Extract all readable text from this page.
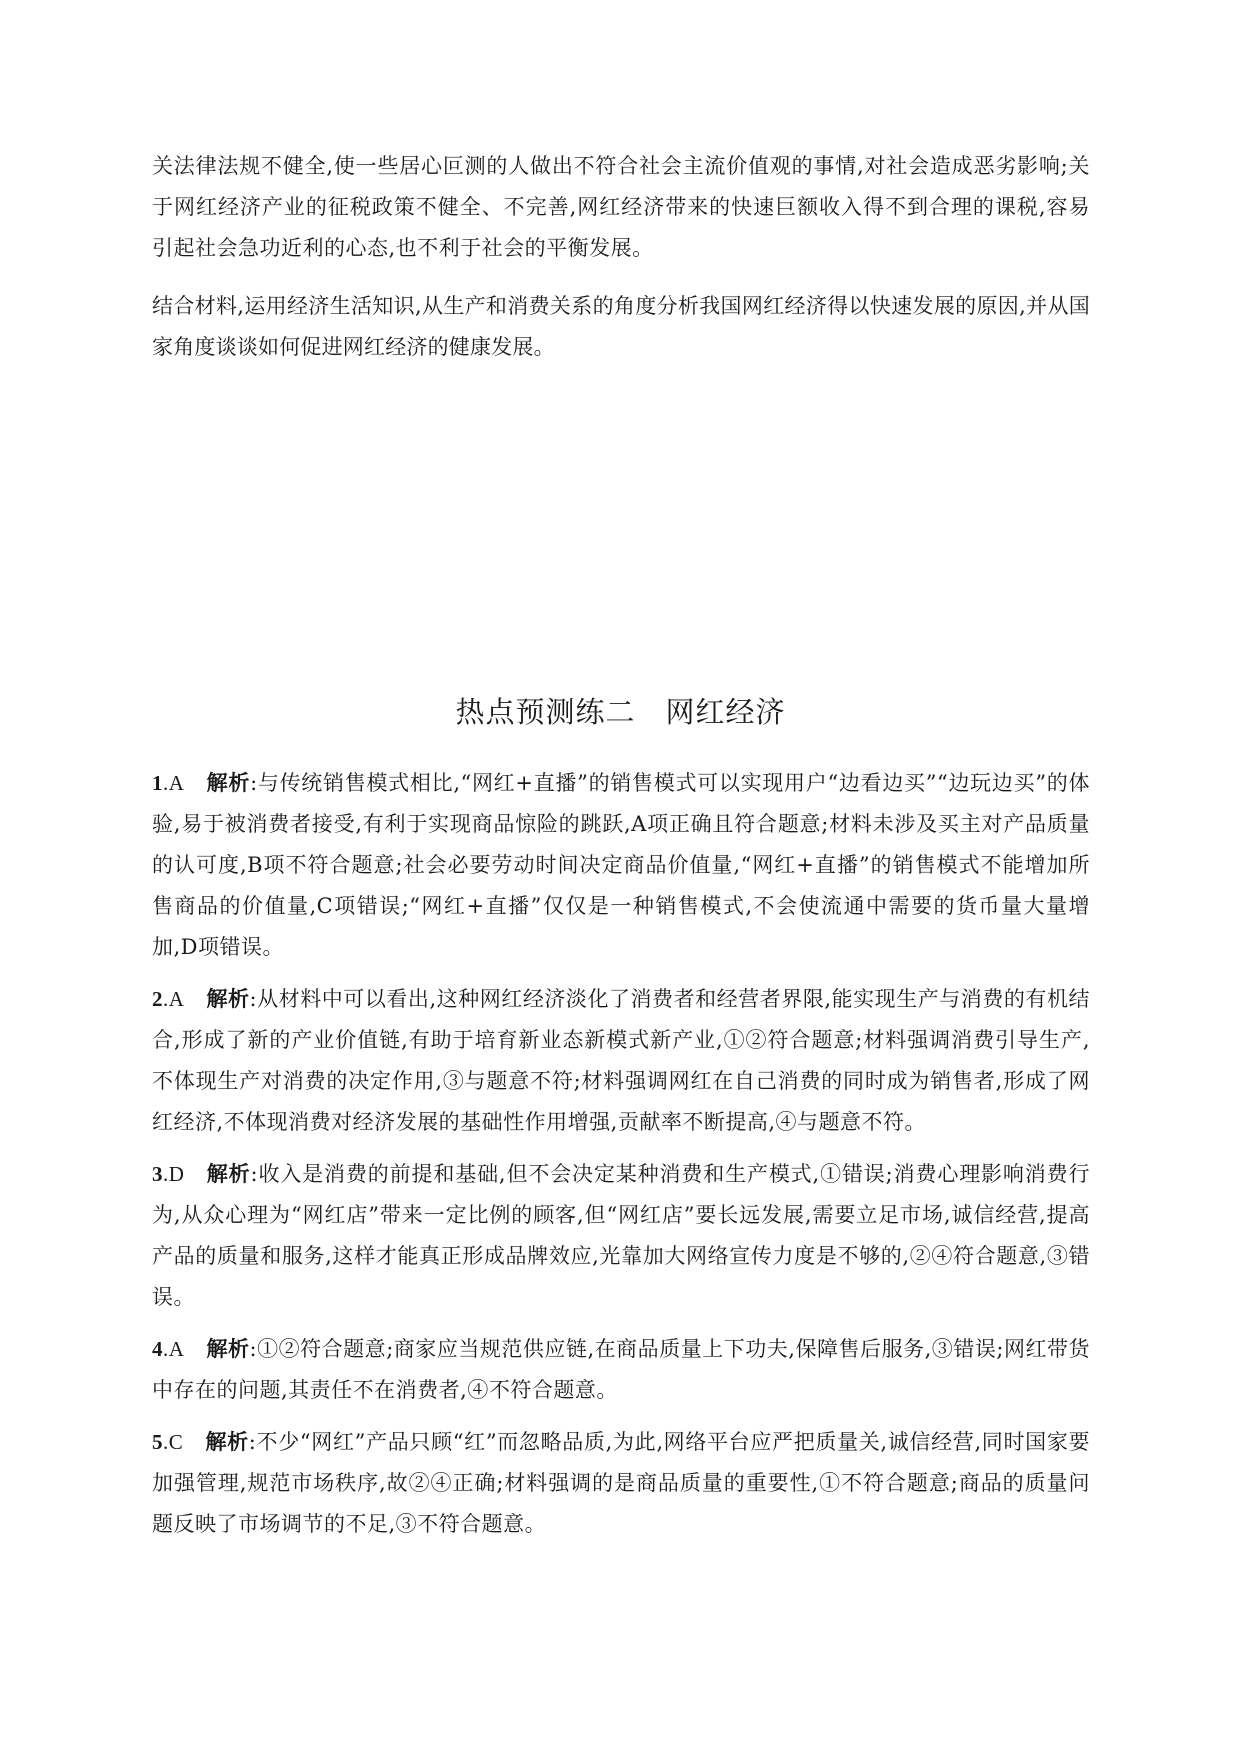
关法律法规不健全,使一些居心叵测的人做出不符合社会主流价值观的事情,对社会造成恶劣影响;关于网红经济产业的征税政策不健全、不完善,网红经济带来的快速巨额收入得不到合理的课税,容易引起社会急功近利的心态,也不利于社会的平衡发展。

结合材料,运用经济生活知识,从生产和消费关系的角度分析我国网红经济得以快速发展的原因,并从国家角度谈谈如何促进网红经济的健康发展。

热点预测练二　网红经济

1.A 解析:与传统销售模式相比,“网红+直播”的销售模式可以实现用户“边看边买”“边玩边买”的体验,易于被消费者接受,有利于实现商品惊险的跳跃,A项正确且符合题意;材料未涉及买主对产品质量的认可度,B项不符合题意;社会必要劳动时间决定商品价值量,“网红+直播”的销售模式不能增加所售商品的价值量,C项错误;“网红+直播”仅仅是一种销售模式,不会使流通中需要的货币量大量增加,D项错误。

2.A 解析:从材料中可以看出,这种网红经济淡化了消费者和经营者界限,能实现生产与消费的有机结合,形成了新的产业价值链,有助于培育新业态新模式新产业,①②符合题意;材料强调消费引导生产,不体现生产对消费的决定作用,③与题意不符;材料强调网红在自己消费的同时成为销售者,形成了网红经济,不体现消费对经济发展的基础性作用增强,贡献率不断提高,④与题意不符。

3.D 解析:收入是消费的前提和基础,但不会决定某种消费和生产模式,①错误;消费心理影响消费行为,从众心理为“网红店”带来一定比例的顾客,但“网红店”要长远发展,需要立足市场,诚信经营,提高产品的质量和服务,这样才能真正形成品牌效应,光靠加大网络宣传力度是不够的,②④符合题意,③错误。

4.A 解析:①②符合题意;商家应当规范供应链,在商品质量上下功夫,保障售后服务,③错误;网红带货中存在的问题,其责任不在消费者,④不符合题意。

5.C 解析:不少“网红”产品只顾“红”而忽略品质,为此,网络平台应严把质量关,诚信经营,同时国家要加强管理,规范市场秩序,故②④正确;材料强调的是商品质量的重要性,①不符合题意;商品的质量问题反映了市场调节的不足,③不符合题意。
